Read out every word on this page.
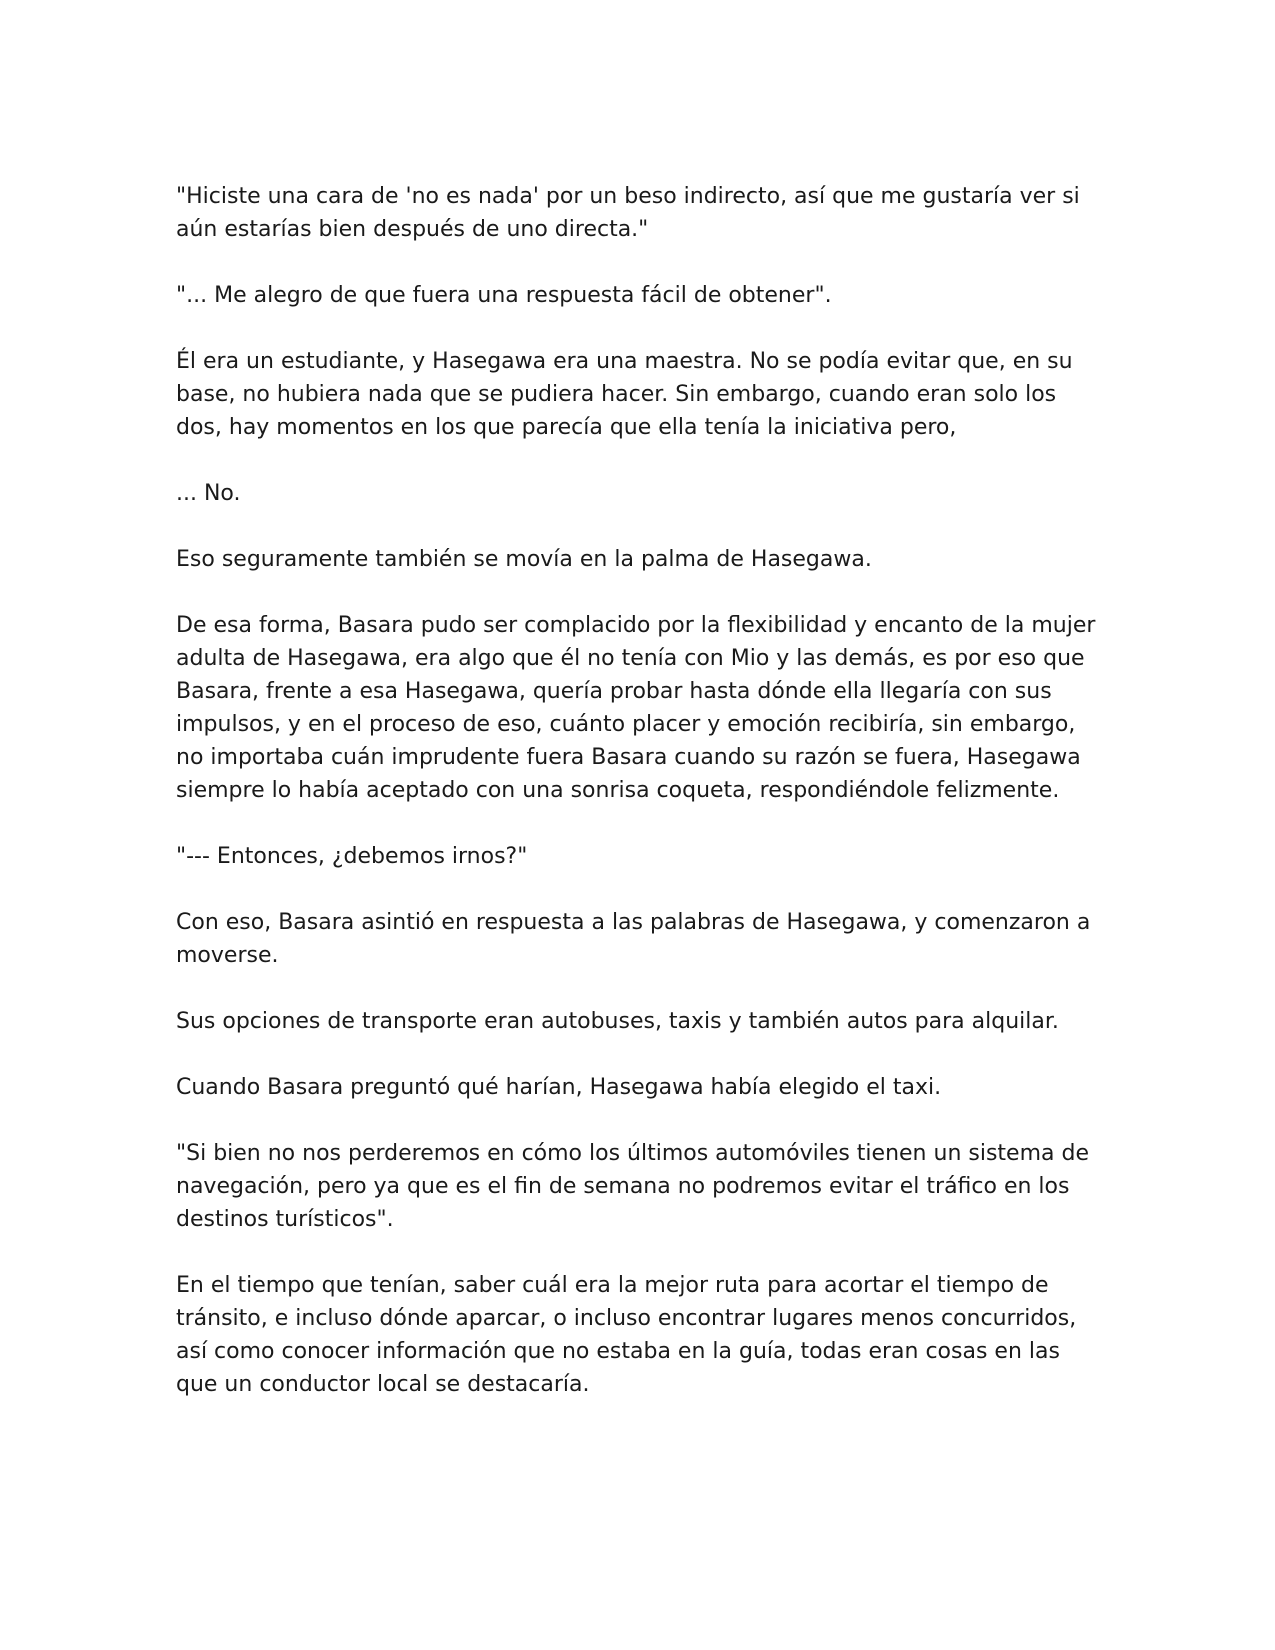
"Hiciste una cara de 'no es nada' por un beso indirecto, así que me gustaría ver si aún estarías bien después de uno directa."

"... Me alegro de que fuera una respuesta fácil de obtener".

Él era un estudiante, y Hasegawa era una maestra. No se podía evitar que, en su base, no hubiera nada que se pudiera hacer. Sin embargo, cuando eran solo los dos, hay momentos en los que parecía que ella tenía la iniciativa pero,

... No.

Eso seguramente también se movía en la palma de Hasegawa.

De esa forma, Basara pudo ser complacido por la flexibilidad y encanto de la mujer adulta de Hasegawa, era algo que él no tenía con Mio y las demás, es por eso que Basara, frente a esa Hasegawa, quería probar hasta dónde ella llegaría con sus impulsos, y en el proceso de eso, cuánto placer y emoción recibiría, sin embargo, no importaba cuán imprudente fuera Basara cuando su razón se fuera, Hasegawa siempre lo había aceptado con una sonrisa coqueta, respondiéndole felizmente.

"--- Entonces, ¿debemos irnos?"

Con eso, Basara asintió en respuesta a las palabras de Hasegawa, y comenzaron a moverse.

Sus opciones de transporte eran autobuses, taxis y también autos para alquilar.

Cuando Basara preguntó qué harían, Hasegawa había elegido el taxi.

"Si bien no nos perderemos en cómo los últimos automóviles tienen un sistema de navegación, pero ya que es el fin de semana no podremos evitar el tráfico en los destinos turísticos".

En el tiempo que tenían, saber cuál era la mejor ruta para acortar el tiempo de tránsito, e incluso dónde aparcar, o incluso encontrar lugares menos concurridos, así como conocer información que no estaba en la guía, todas eran cosas en las que un conductor local se destacaría.
